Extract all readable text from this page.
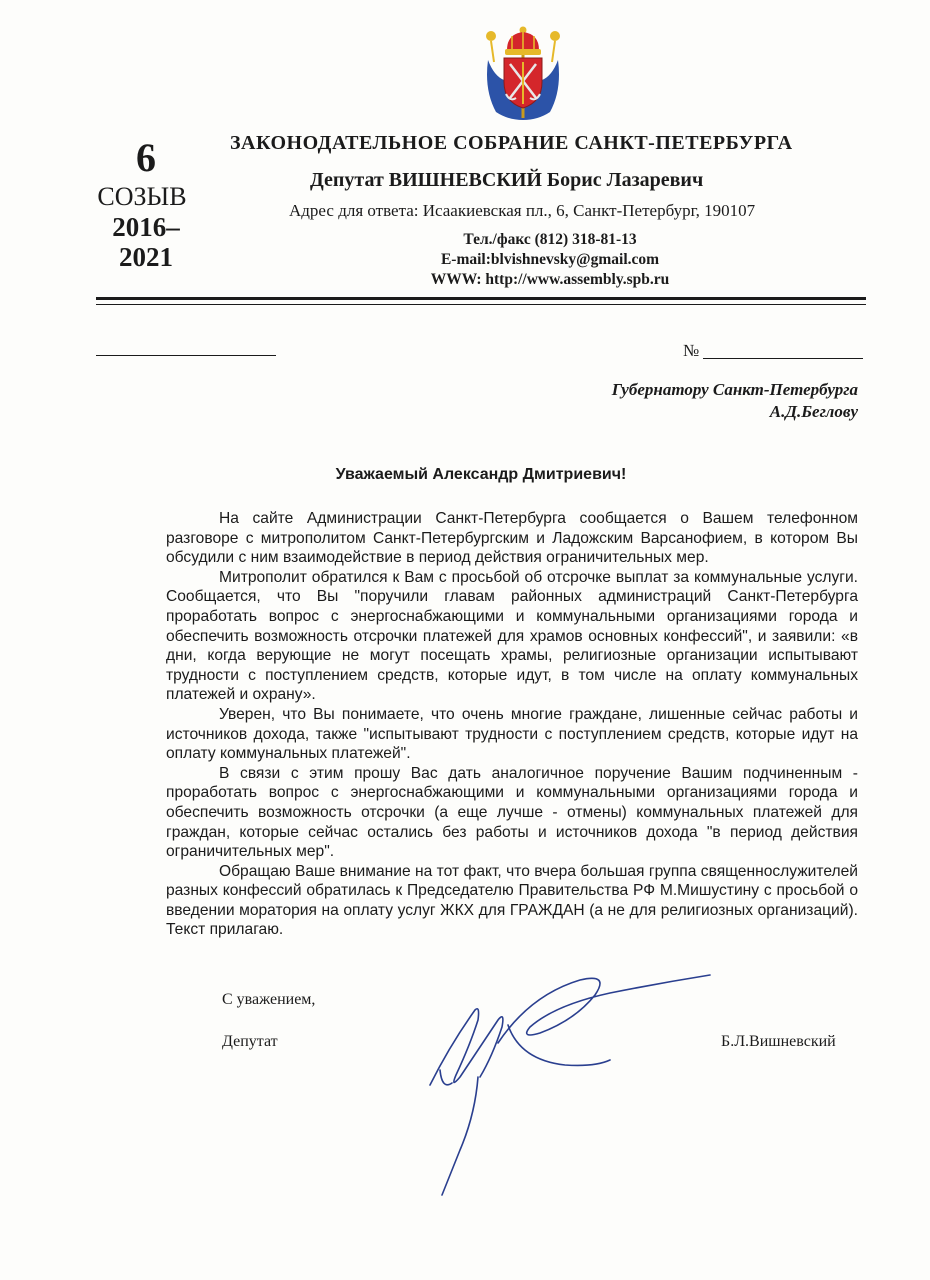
6
СОЗЫВ
2016–
2021
ЗАКОНОДАТЕЛЬНОЕ СОБРАНИЕ САНКТ-ПЕТЕРБУРГА
Депутат ВИШНЕВСКИЙ Борис Лазаревич
Адрес для ответа: Исаакиевская пл., 6, Санкт-Петербург, 190107
Тел./факс (812) 318-81-13
E-mail:blvishnevsky@gmail.com
WWW: http://www.assembly.spb.ru
№
Губернатору Санкт-Петербурга
А.Д.Беглову
Уважаемый Александр Дмитриевич!

На сайте Администрации Санкт-Петербурга сообщается о Вашем телефонном разговоре с митрополитом Санкт-Петербургским и Ладожским Варсанофием, в котором Вы обсудили с ним взаимодействие в период действия ограничительных мер.

Митрополит обратился к Вам с просьбой об отсрочке выплат за коммунальные услуги. Сообщается, что Вы "поручили главам районных администраций Санкт-Петербурга проработать вопрос с энергоснабжающими и коммунальными организациями города и обеспечить возможность отсрочки платежей для храмов основных конфессий", и заявили: «в дни, когда верующие не могут посещать храмы, религиозные организации испытывают трудности с поступлением средств, которые идут, в том числе на оплату коммунальных платежей и охрану».

Уверен, что Вы понимаете, что очень многие граждане, лишенные сейчас работы и источников дохода, также "испытывают трудности с поступлением средств, которые идут на оплату коммунальных платежей".

В связи с этим прошу Вас дать аналогичное поручение Вашим подчиненным - проработать вопрос с энергоснабжающими и коммунальными организациями города и обеспечить возможность отсрочки (а еще лучше - отмены) коммунальных платежей для граждан, которые сейчас остались без работы и источников дохода "в период действия ограничительных мер".

Обращаю Ваше внимание на тот факт, что вчера большая группа священнослужителей разных конфессий обратилась к Председателю Правительства РФ М.Мишустину с просьбой о введении моратория на оплату услуг ЖКХ для ГРАЖДАН (а не для религиозных организаций). Текст прилагаю.

С уважением,
Депутат	Б.Л.Вишневский
